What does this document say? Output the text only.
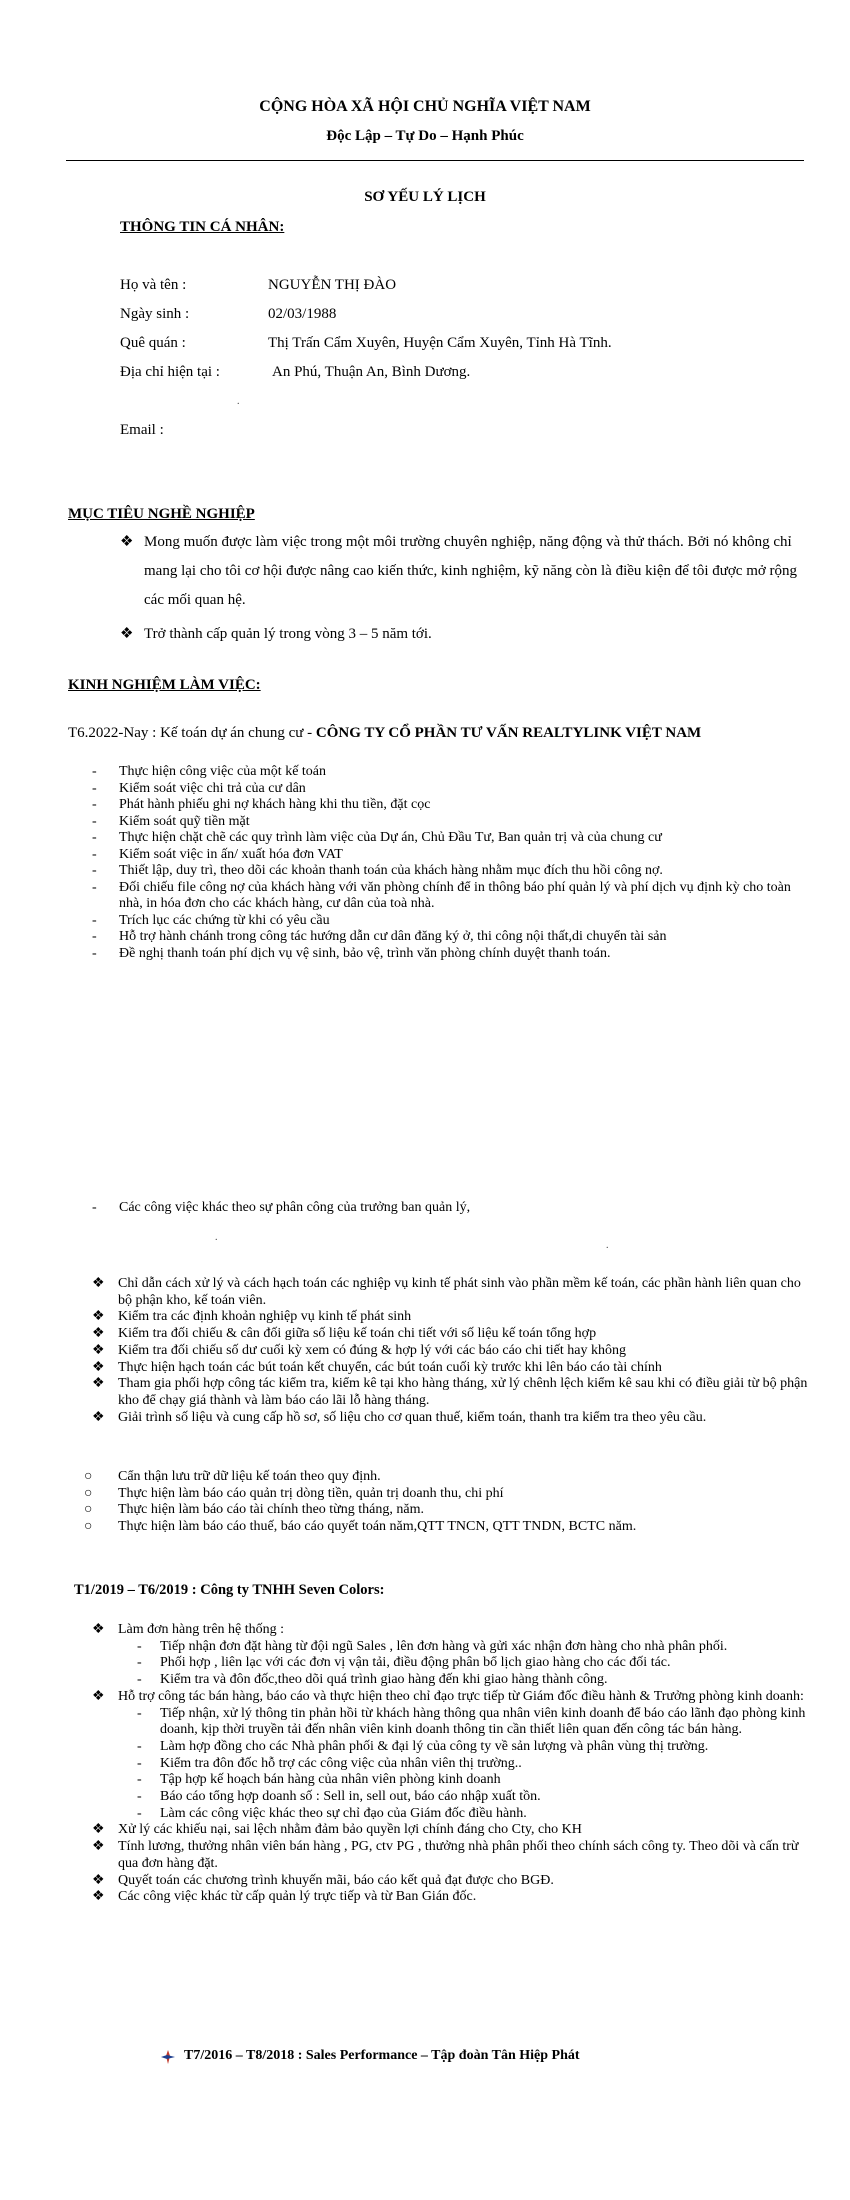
CỘNG HÒA XÃ HỘI CHỦ NGHĨA VIỆT NAM
Độc Lập – Tự Do – Hạnh Phúc
SƠ YẾU LÝ LỊCH
THÔNG TIN CÁ NHÂN:
Họ và tên :	NGUYỄN THỊ ĐÀO
Ngày sinh :	02/03/1988
Quê quán :	Thị Trấn Cẩm Xuyên, Huyện Cẩm Xuyên, Tỉnh Hà Tĩnh.
Địa chỉ hiện tại :	An Phú, Thuận An, Bình Dương.
.
Email :
MỤC TIÊU NGHỀ NGHIỆP
❖ Mong muốn được làm việc trong một môi trường chuyên nghiệp, năng động và thử thách. Bởi nó không chỉ mang lại cho tôi cơ hội được nâng cao kiến thức, kinh nghiệm, kỹ năng còn là điều kiện để tôi được mở rộng các mối quan hệ.
❖ Trở thành cấp quản lý trong vòng 3 – 5 năm tới.
KINH NGHIỆM LÀM VIỆC:
T6.2022-Nay : Kế toán dự án chung cư - CÔNG TY CỔ PHẦN TƯ VẤN REALTYLINK VIỆT NAM
- Thực hiện công việc của một kế toán
- Kiểm soát việc chi trả của cư dân
- Phát hành phiếu ghi nợ khách hàng khi thu tiền, đặt cọc
- Kiểm soát quỹ tiền mặt
- Thực hiện chặt chẽ các quy trình làm việc của Dự án, Chủ Đầu Tư, Ban quản trị và của chung cư
- Kiểm soát việc in ấn/ xuất hóa đơn VAT
- Thiết lập, duy trì, theo dõi các khoản thanh toán của khách hàng nhằm mục đích thu hồi công nợ.
- Đối chiếu file công nợ của khách hàng với văn phòng chính để in thông báo phí quản lý và phí dịch vụ định kỳ cho toàn nhà, in hóa đơn cho các khách hàng, cư dân của toà nhà.
- Trích lục các chứng từ khi có yêu cầu
- Hỗ trợ hành chánh trong công tác hướng dẫn cư dân đăng ký ở, thi công nội thất,di chuyển tài sản
- Đề nghị thanh toán phí dịch vụ vệ sinh, bảo vệ, trình văn phòng chính duyệt thanh toán.
- Các công việc khác theo sự phân công của trưởng ban quản lý,
.
.
❖ Chỉ dẫn cách xử lý và cách hạch toán các nghiệp vụ kinh tế phát sinh vào phần mềm kế toán, các phần hành liên quan cho bộ phận kho, kế toán viên.
❖ Kiểm tra các định khoản nghiệp vụ kinh tế phát sinh
❖ Kiểm tra đối chiếu & cân đối giữa số liệu kế toán chi tiết với số liệu kế toán tổng hợp
❖ Kiểm tra đối chiếu số dư cuối kỳ xem có đúng & hợp lý với các báo cáo chi tiết hay không
❖ Thực hiện hạch toán các bút toán kết chuyển, các bút toán cuối kỳ trước khi lên báo cáo tài chính
❖ Tham gia phối hợp công tác kiểm tra, kiểm kê tại kho hàng tháng, xử lý chênh lệch kiểm kê sau khi có điều giải từ bộ phận kho để chạy giá thành và làm báo cáo lãi lỗ hàng tháng.
❖ Giải trình số liệu và cung cấp hồ sơ, số liệu cho cơ quan thuế, kiểm toán, thanh tra kiểm tra theo yêu cầu.
○ Cẩn thận lưu trữ dữ liệu kế toán theo quy định.
○ Thực hiện làm báo cáo quản trị dòng tiền, quản trị doanh thu, chi phí
○ Thực hiện làm báo cáo tài chính theo từng tháng, năm.
○ Thực hiện làm báo cáo thuế, báo cáo quyết toán năm,QTT TNCN, QTT TNDN, BCTC năm.
T1/2019 – T6/2019 : Công ty TNHH Seven Colors:
❖ Làm đơn hàng trên hệ thống :
-	Tiếp nhận đơn đặt hàng từ đội ngũ Sales , lên đơn hàng và gửi xác nhận đơn hàng cho nhà phân phối.
-	Phối hợp , liên lạc với các đơn vị vận tải, điều động phân bổ lịch giao hàng cho các đối tác.
-	Kiểm tra và đôn đốc,theo dõi quá trình giao hàng đến khi giao hàng thành công.
❖ Hỗ trợ công tác bán hàng, báo cáo và thực hiện theo chỉ đạo trực tiếp từ Giám đốc điều hành & Trưởng phòng kinh doanh:
-	Tiếp nhận, xử lý thông tin phản hồi từ khách hàng thông qua nhân viên kinh doanh để báo cáo lãnh đạo phòng kinh doanh, kịp thời truyền tải đến nhân viên kinh doanh thông tin cần thiết liên quan đến công tác bán hàng.
-	Làm hợp đồng cho các Nhà phân phối & đại lý của công ty về sản lượng và phân vùng thị trường.
-	Kiểm tra đôn đốc hỗ trợ các công việc của nhân viên thị trường..
-	Tập hợp kế hoạch bán hàng của nhân viên phòng kinh doanh
-	Báo cáo tổng hợp doanh số : Sell in, sell out, báo cáo nhập xuất tồn.
-	Làm các công việc khác theo sự chỉ đạo của Giám đốc điều hành.
❖ Xử lý các khiếu nại, sai lệch nhằm đảm bảo quyền lợi chính đáng cho Cty, cho KH
❖ Tính lương, thưởng nhân viên bán hàng , PG, ctv PG , thưởng nhà phân phối theo chính sách công ty. Theo dõi và cấn trừ qua đơn hàng đặt.
❖ Quyết toán các chương trình khuyến mãi, báo cáo kết quả đạt được cho BGĐ.
❖ Các công việc khác từ cấp quản lý trực tiếp và từ Ban Gián đốc.
T7/2016 – T8/2018 : Sales Performance – Tập đoàn Tân Hiệp Phát
